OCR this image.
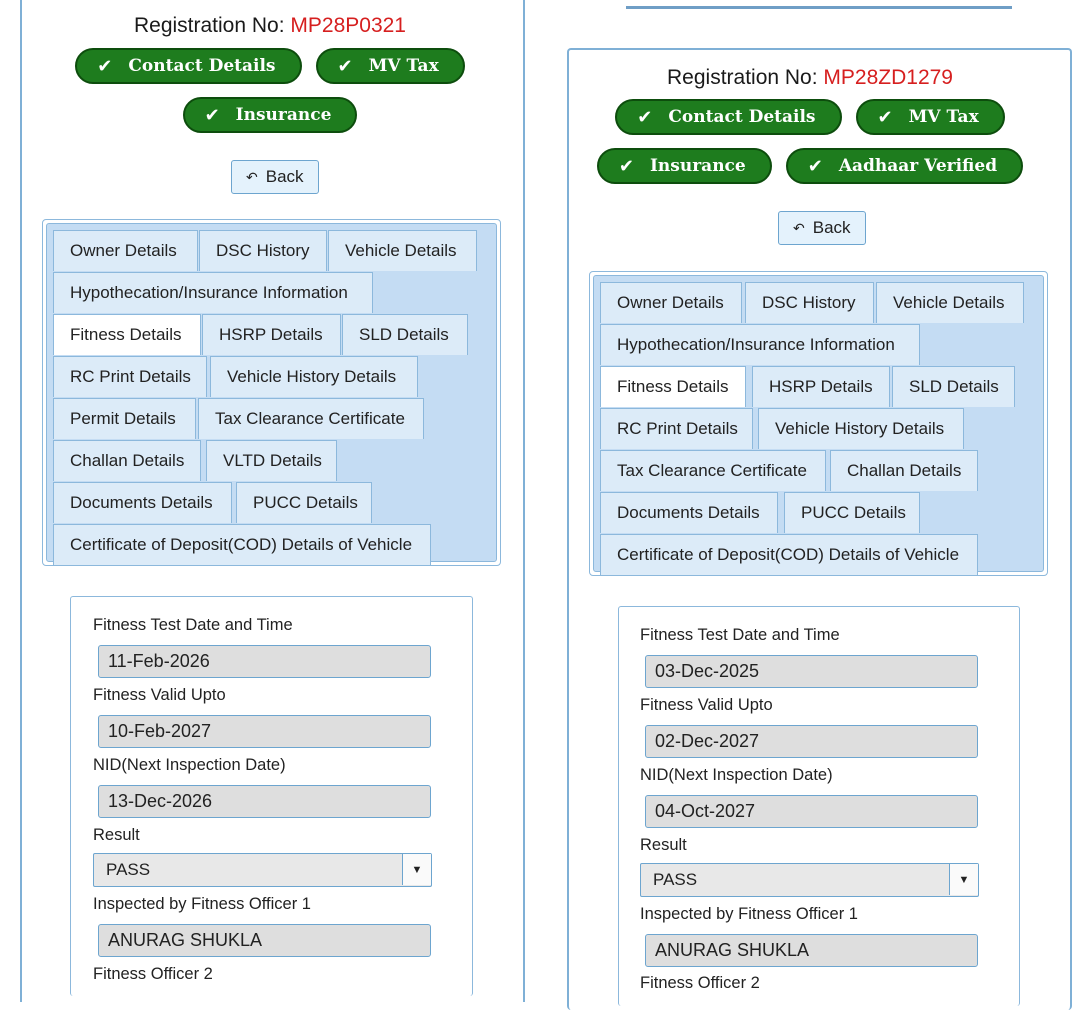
Registration No: MP28P0321
✔ Contact Details	✔ MV Tax
✔ Insurance
↶ Back
Owner Details	DSC History	Vehicle Details
Hypothecation/Insurance Information
Fitness Details	HSRP Details	SLD Details
RC Print Details	Vehicle History Details
Permit Details	Tax Clearance Certificate
Challan Details	VLTD Details
Documents Details	PUCC Details
Certificate of Deposit(COD) Details of Vehicle
Fitness Test Date and Time
11-Feb-2026
Fitness Valid Upto
10-Feb-2027
NID(Next Inspection Date)
13-Dec-2026
Result
PASS	▼
Inspected by Fitness Officer 1
ANURAG SHUKLA
Fitness Officer 2
Registration No: MP28ZD1279
✔ Contact Details	✔ MV Tax
✔ Insurance	✔ Aadhaar Verified
↶ Back
Owner Details	DSC History	Vehicle Details
Hypothecation/Insurance Information
Fitness Details	HSRP Details	SLD Details
RC Print Details	Vehicle History Details
Tax Clearance Certificate	Challan Details
Documents Details	PUCC Details
Certificate of Deposit(COD) Details of Vehicle
Fitness Test Date and Time
03-Dec-2025
Fitness Valid Upto
02-Dec-2027
NID(Next Inspection Date)
04-Oct-2027
Result
PASS	▼
Inspected by Fitness Officer 1
ANURAG SHUKLA
Fitness Officer 2
